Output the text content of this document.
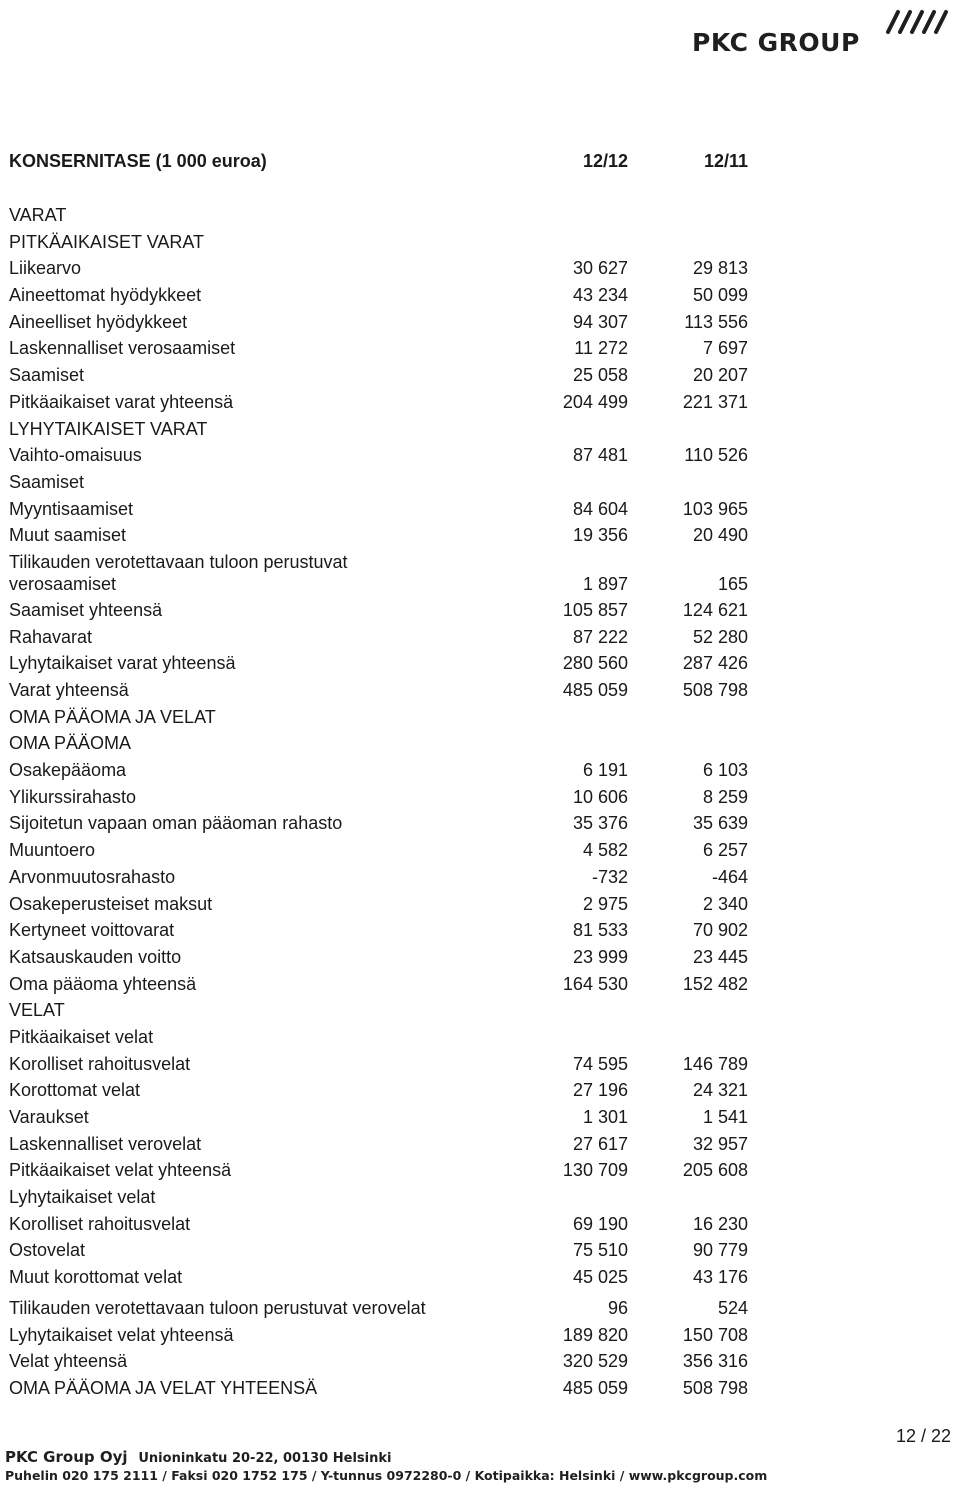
PKC GROUP
KONSERNITASE (1 000 euroa)	12/12	12/11
VARAT
PITKÄAIKAISET VARAT
Liikearvo	30 627	29 813
Aineettomat hyödykkeet	43 234	50 099
Aineelliset hyödykkeet	94 307	113 556
Laskennalliset verosaamiset	11 272	7 697
Saamiset	25 058	20 207
Pitkäaikaiset varat yhteensä	204 499	221 371
LYHYTAIKAISET VARAT
Vaihto-omaisuus	87 481	110 526
Saamiset
Myyntisaamiset	84 604	103 965
Muut saamiset	19 356	20 490
Tilikauden verotettavaan tuloon perustuvat verosaamiset	1 897	165
Saamiset yhteensä	105 857	124 621
Rahavarat	87 222	52 280
Lyhytaikaiset varat yhteensä	280 560	287 426
Varat yhteensä	485 059	508 798
OMA PÄÄOMA JA VELAT
OMA PÄÄOMA
Osakepääoma	6 191	6 103
Ylikurssirahasto	10 606	8 259
Sijoitetun vapaan oman pääoman rahasto	35 376	35 639
Muuntoero	4 582	6 257
Arvonmuutosrahasto	-732	-464
Osakeperusteiset maksut	2 975	2 340
Kertyneet voittovarat	81 533	70 902
Katsauskauden voitto	23 999	23 445
Oma pääoma yhteensä	164 530	152 482
VELAT
Pitkäaikaiset velat
Korolliset rahoitusvelat	74 595	146 789
Korottomat velat	27 196	24 321
Varaukset	1 301	1 541
Laskennalliset verovelat	27 617	32 957
Pitkäaikaiset velat yhteensä	130 709	205 608
Lyhytaikaiset velat
Korolliset rahoitusvelat	69 190	16 230
Ostovelat	75 510	90 779
Muut korottomat velat	45 025	43 176
Tilikauden verotettavaan tuloon perustuvat verovelat	96	524
Lyhytaikaiset velat yhteensä	189 820	150 708
Velat yhteensä	320 529	356 316
OMA PÄÄOMA JA VELAT YHTEENSÄ	485 059	508 798
12 / 22
PKC Group Oyj Unioninkatu 20-22, 00130 Helsinki
Puhelin 020 175 2111 / Faksi 020 1752 175 / Y-tunnus 0972280-0 / Kotipaikka: Helsinki / www.pkcgroup.com
